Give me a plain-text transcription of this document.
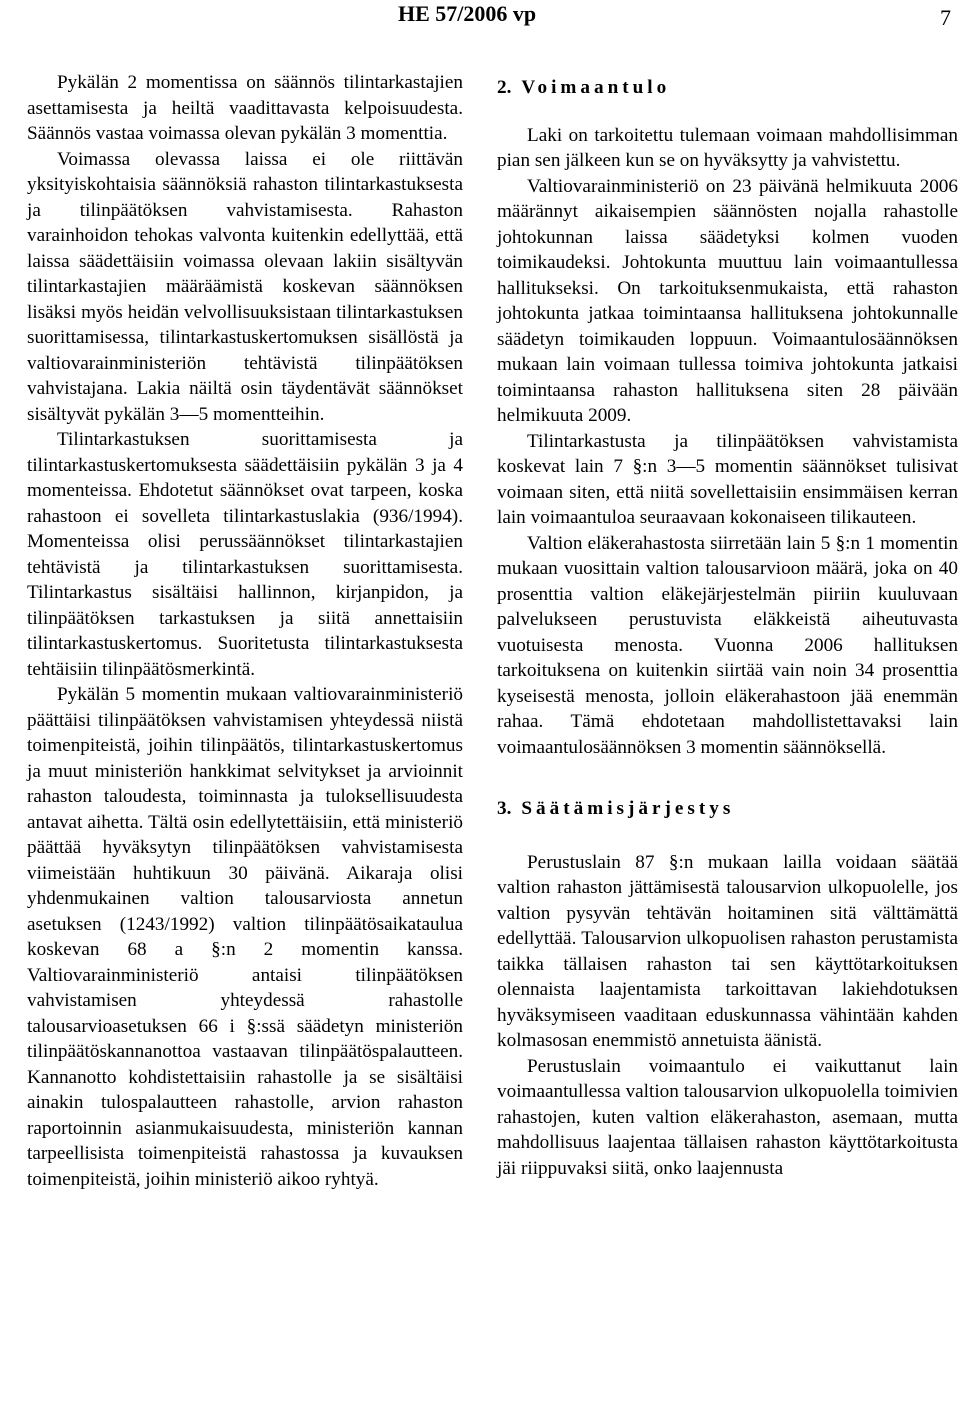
HE 57/2006 vp	7

Pykälän 2 momentissa on säännös tilintarkastajien asettamisesta ja heiltä vaadittavasta kelpoisuudesta. Säännös vastaa voimassa olevan pykälän 3 momenttia.

Voimassa olevassa laissa ei ole riittävän yksityiskohtaisia säännöksiä rahaston tilintarkastuksesta ja tilinpäätöksen vahvistamisesta. Rahaston varainhoidon tehokas valvonta kuitenkin edellyttää, että laissa säädettäisiin voimassa olevaan lakiin sisältyvän tilintarkastajien määräämistä koskevan säännöksen lisäksi myös heidän velvollisuuksistaan tilintarkastuksen suorittamisessa, tilintarkastuskertomuksen sisällöstä ja valtiovarainministeriön tehtävistä tilinpäätöksen vahvistajana. Lakia näiltä osin täydentävät säännökset sisältyvät pykälän 3—5 momentteihin.

Tilintarkastuksen suorittamisesta ja tilintarkastuskertomuksesta säädettäisiin pykälän 3 ja 4 momenteissa. Ehdotetut säännökset ovat tarpeen, koska rahastoon ei sovelleta tilintarkastuslakia (936/1994). Momenteissa olisi perussäännökset tilintarkastajien tehtävistä ja tilintarkastuksen suorittamisesta. Tilintarkastus sisältäisi hallinnon, kirjanpidon, ja tilinpäätöksen tarkastuksen ja siitä annettaisiin tilintarkastuskertomus. Suoritetusta tilintarkastuksesta tehtäisiin tilinpäätösmerkintä.

Pykälän 5 momentin mukaan valtiovarainministeriö päättäisi tilinpäätöksen vahvistamisen yhteydessä niistä toimenpiteistä, joihin tilinpäätös, tilintarkastuskertomus ja muut ministeriön hankkimat selvitykset ja arvioinnit rahaston taloudesta, toiminnasta ja tuloksellisuudesta antavat aihetta. Tältä osin edellytettäisiin, että ministeriö päättää hyväksytyn tilinpäätöksen vahvistamisesta viimeistään huhtikuun 30 päivänä. Aikaraja olisi yhdenmukainen valtion talousarviosta annetun asetuksen (1243/1992) valtion tilinpäätösaikataulua koskevan 68 a §:n 2 momentin kanssa. Valtiovarainministeriö antaisi tilinpäätöksen vahvistamisen yhteydessä rahastolle talousarvioasetuksen 66 i §:ssä säädetyn ministeriön tilinpäätöskannanottoa vastaavan tilinpäätöspalautteen. Kannanotto kohdistettaisiin rahastolle ja se sisältäisi ainakin tulospalautteen rahastolle, arvion rahaston raportoinnin asianmukaisuudesta, ministeriön kannan tarpeellisista toimenpiteistä rahastossa ja kuvauksen toimenpiteistä, joihin ministeriö aikoo ryhtyä.

2. Voimaantulo

Laki on tarkoitettu tulemaan voimaan mahdollisimman pian sen jälkeen kun se on hyväksytty ja vahvistettu.

Valtiovarainministeriö on 23 päivänä helmikuuta 2006 määrännyt aikaisempien säännösten nojalla rahastolle johtokunnan laissa säädetyksi kolmen vuoden toimikaudeksi. Johtokunta muuttuu lain voimaantullessa hallitukseksi. On tarkoituksenmukaista, että rahaston johtokunta jatkaa toimintaansa hallituksena johtokunnalle säädetyn toimikauden loppuun. Voimaantulosäännöksen mukaan lain voimaan tullessa toimiva johtokunta jatkaisi toimintaansa rahaston hallituksena siten 28 päivään helmikuuta 2009.

Tilintarkastusta ja tilinpäätöksen vahvistamista koskevat lain 7 §:n 3—5 momentin säännökset tulisivat voimaan siten, että niitä sovellettaisiin ensimmäisen kerran lain voimaantuloa seuraavaan kokonaiseen tilikauteen.

Valtion eläkerahastosta siirretään lain 5 §:n 1 momentin mukaan vuosittain valtion talousarvioon määrä, joka on 40 prosenttia valtion eläkejärjestelmän piiriin kuuluvaan palvelukseen perustuvista eläkkeistä aiheutuvasta vuotuisesta menosta. Vuonna 2006 hallituksen tarkoituksena on kuitenkin siirtää vain noin 34 prosenttia kyseisestä menosta, jolloin eläkerahastoon jää enemmän rahaa. Tämä ehdotetaan mahdollistettavaksi lain voimaantulosäännöksen 3 momentin säännöksellä.

3. Säätämisjärjestys

Perustuslain 87 §:n mukaan lailla voidaan säätää valtion rahaston jättämisestä talousarvion ulkopuolelle, jos valtion pysyvän tehtävän hoitaminen sitä välttämättä edellyttää. Talousarvion ulkopuolisen rahaston perustamista taikka tällaisen rahaston tai sen käyttötarkoituksen olennaista laajentamista tarkoittavan lakiehdotuksen hyväksymiseen vaaditaan eduskunnassa vähintään kahden kolmasosan enemmistö annetuista äänistä.

Perustuslain voimaantulo ei vaikuttanut lain voimaantullessa valtion talousarvion ulkopuolella toimivien rahastojen, kuten valtion eläkerahaston, asemaan, mutta mahdollisuus laajentaa tällaisen rahaston käyttötarkoitusta jäi riippuvaksi siitä, onko laajennusta
